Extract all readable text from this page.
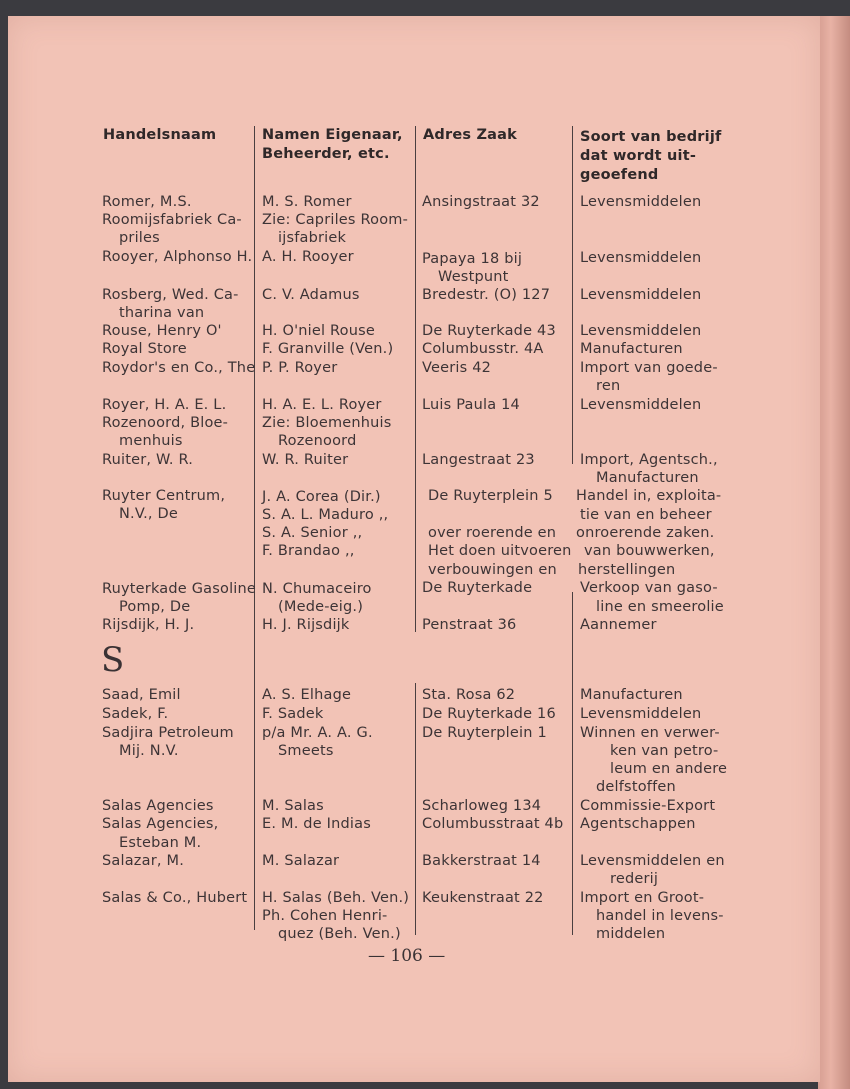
Handelsnaam	Namen Eigenaar,
Beheerder, etc.
Adres Zaak	Soort van bedrijf
dat wordt uit-
geoefend
Romer, M.S.
Roomijsfabriek Ca-
priles
Rooyer, Alphonso H.
Rosberg, Wed. Ca-
tharina van
Rouse, Henry O'
Royal Store
Roydor's en Co., The
Royer, H. A. E. L.
Rozenoord, Bloe-
menhuis
Ruiter, W. R.
Ruyter Centrum,
N.V., De
Ruyterkade Gasoline
Pomp, De
Rijsdijk, H. J.
S
Saad, Emil
Sadek, F.
Sadjira Petroleum
Mij. N.V.
Salas Agencies
Salas Agencies,
Esteban M.
Salazar, M.
Salas & Co., Hubert
M. S. Romer
Zie: Capriles Room-
ijsfabriek
A. H. Rooyer
C. V. Adamus
H. O'niel Rouse
F. Granville (Ven.)
P. P. Royer
H. A. E. L. Royer
Zie: Bloemenhuis
Rozenoord
W. R. Ruiter
J. A. Corea (Dir.)
S. A. L. Maduro ,,
S. A. Senior ,,
F. Brandao ,,
N. Chumaceiro
(Mede-eig.)
H. J. Rijsdijk
A. S. Elhage
F. Sadek
p/a Mr. A. A. G.
Smeets
M. Salas
E. M. de Indias
M. Salazar
H. Salas (Beh. Ven.)
Ph. Cohen Henri-
quez (Beh. Ven.)
Ansingstraat 32
Papaya 18 bij
Westpunt
Bredestr. (O) 127
De Ruyterkade 43
Columbusstr. 4A
Veeris 42
Luis Paula 14
Langestraat 23
De Ruyterplein 5
over roerende en
Het doen uitvoeren
verbouwingen en
De Ruyterkade
Penstraat 36
Sta. Rosa 62
De Ruyterkade 16
De Ruyterplein 1
Scharloweg 134
Columbusstraat 4b
Bakkerstraat 14
Keukenstraat 22
Levensmiddelen
Levensmiddelen
Levensmiddelen
Levensmiddelen
Manufacturen
Import van goede-
ren
Levensmiddelen
Import, Agentsch.,
Manufacturen
Handel in, exploita-
tie van en beheer
onroerende zaken.
van bouwwerken,
herstellingen
Verkoop van gaso-
line en smeerolie
Aannemer
Manufacturen
Levensmiddelen
Winnen en verwer-
ken van petro-
leum en andere
delfstoffen
Commissie-Export
Agentschappen
Levensmiddelen en
rederij
Import en Groot-
handel in levens-
middelen
— 106 —
